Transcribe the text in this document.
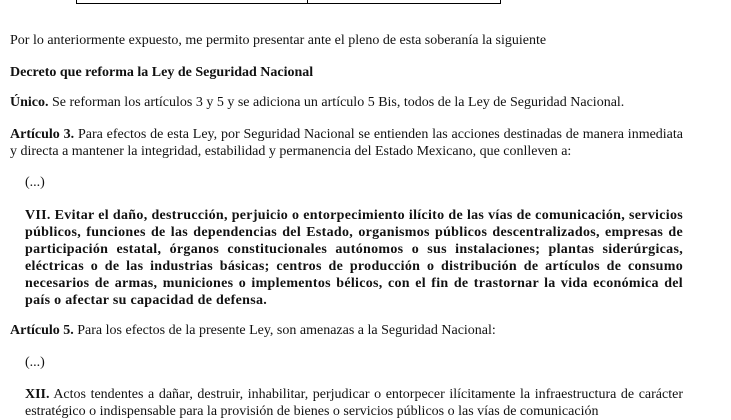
Por lo anteriormente expuesto, me permito presentar ante el pleno de esta soberanía la siguiente

Decreto que reforma la Ley de Seguridad Nacional

Único. Se reforman los artículos 3 y 5 y se adiciona un artículo 5 Bis, todos de la Ley de Seguridad Nacional.

Artículo 3. Para efectos de esta Ley, por Seguridad Nacional se entienden las acciones destinadas de manera inmediata y directa a mantener la integridad, estabilidad y permanencia del Estado Mexicano, que conlleven a:

(...)

VII. Evitar el daño, destrucción, perjuicio o entorpecimiento ilícito de las vías de comunicación, servicios públicos, funciones de las dependencias del Estado, organismos públicos descentralizados, empresas de participación estatal, órganos constitucionales autónomos o sus instalaciones; plantas siderúrgicas, eléctricas o de las industrias básicas; centros de producción o distribución de artículos de consumo necesarios de armas, municiones o implementos bélicos, con el fin de trastornar la vida económica del país o afectar su capacidad de defensa.

Artículo 5. Para los efectos de la presente Ley, son amenazas a la Seguridad Nacional:

(...)

XII. Actos tendentes a dañar, destruir, inhabilitar, perjudicar o entorpecer ilícitamente la infraestructura de carácter estratégico o indispensable para la provisión de bienes o servicios públicos o las vías de comunicación
